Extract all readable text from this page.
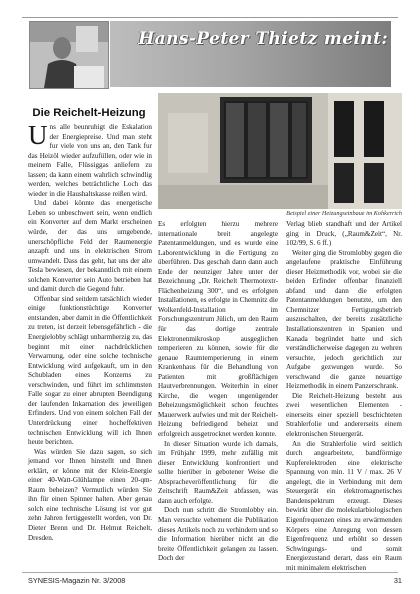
Hans-Peter Thietz meint:
Die Reichelt-Heizung

Uns alle beunruhigt die Eskalation der Energiepreise. Und man steht fur viele von uns an, den Tank fur das Heizöl wieder aufzufüllen, oder wie in meinem Falle, Flüssiggas anliefern zu lassen; da kann einem wahrlich schwindlig werden, welches beträchtliche Loch das wieder in die Haushaltskasse reißen wird.

Und dabei könnte das energetische Leben so unbeschwert sein, wenn endlich ein Konverter auf dem Markt erscheinen würde, der das uns umgebende, unerschöpfliche Feld der Raumenergie anzapft und uns in elektrischen Strom umwandelt. Dass das geht, hat uns der alte Tesla bewiesen, der bekanntlich mit einem solchen Konverter sein Auto betrieben hat und damit durch die Gegend fuhr.

Offenbar sind seitdem tatsächlich wieder einige funktionstüchtige Konverter entstanden, aber damit in die Öffentlichkeit zu treten, ist derzeit lebensgefährlich - die Energielobby schlägt unbarmherzig zu, das beginnt mit einer nachdrücklichen Verwarnung, oder eine solche technische Entwicklung wird aufgekauft, um in den Schubladen eines Konzerns zu verschwinden, und führt im schlimmsten Falle sogar zu einer abrupten Beendigung der laufenden Inkarnation des jeweiligen Erfinders. Und von einem solchen Fall der Unterdrückung einer hocheffektiven technischen Entwicklung will ich Ihnen heute berichten.

Was würden Sie dazu sagen, so sich jemand vor Ihnen hinstellt und Ihnen erklärt, er könne mit der Klein-Energie einer 40-Watt-Glühlampe einen 20-qm-Raum beheizen? Vermutlich würden Sie ihn für einen Spinner halten. Aber genau solch eine technische Lösung ist vor gut zehn Jahren fertiggestellt worden, von Dr. Dieter Brenn und Dr. Helmut Reichelt, Dresden.

Beispiel einer Heizungseinbaue im Kohkerrich

Es erfolgten hierzu mehrere internationale breit angelegte Patentanmeldungen, und es wurde eine Laborentwicklung in die Fertigung zu überführen. Das geschah dann dann auch Ende der neunziger Jahre unter der Bezeichnung „Dr. Reichelt Thermotextr-Flächenheizung 300“, und es erfolgten Installationen, es erfolgte in Chemnitz die Wolkenfeld-Installation im Forschungszentrum Jülich, um den Raum für das dortige zentrale Elektronenmikroskop ausgeglichen temperieren zu können, sowie für die genaue Raumtemperierung in einem Krankenhaus für die Behandlung von Patienten mit großflächigen Hautverbrennungen. Weiterhin in einer Kirche, die wegen ungenügender Beheizungsmöglichkeit schon feuchtes Mauerwerk aufwies und mit der Reichelt-Heizung befriedigend beheizt und erfolgreich ausgetrocknet werden konnte.

In dieser Situation wurde ich damals, im Frühjahr 1999, mehr zufällig mit dieser Entwicklung konfrontiert und sollte hierüber in gebotener Weise die Abspracheveröffentlichung für die Zeitschrift Raum&Zeit abfassen, was dann auch erfolgte.

Doch nun schritt die Stromlobby ein. Man versuchte vehement die Publikation dieses Artikels noch zu verhindern und so die Information hierüber nicht an die breite Öffentlichkeit gelangen zu lassen. Doch der

Verlag blieb standhaft und der Artikel ging in Druck, („Raum&Zeit“, Nr. 102/99, S. 6 ff.)

Weiter ging die Stromlobby gegen die angelaufene praktische Einführung dieser Heizmethodik vor, wobei sie die beiden Erfinder offenbar finanziell abfand und dann die erfolgten Patentanmeldungen benutzte, um den Chemnitzer Fertigungsbetrieb auszuschalten, der bereits zusätzliche Installationszentren in Spanien und Kanada begründet hatte und sich verständlicherweise dagegen zu wehren versuchte, jedoch gerichtlich zur Aufgabe gezwungen wurde. So verschwand die ganze neuartige Heizmethodik in einem Panzerschrank.

Die Reichelt-Heizung besteht aus zwei wesentlichen Elementen - einerseits einer speziell beschichteten Strahlerfolie und andererseits einem elektronischen Steuergerät.

An die Strahlerfolie wird seitlich durch angearbeitete, bandförmige Kupferelektroden eine elektrische Spannung von min. 11 V / max. 26 V angelegt, die in Verbindung mit dem Steuergerät ein elektromagnetisches Bandenspektrum erzeugt. Dieses bewirkt über die molekularbiologischen Eigenfrequenzen eines zu erwärmenden Körpers eine Anregung von dessen Eigenfrequenz und erhöht so dessen Schwingungs- und somit Energiezustand derart, dass ein Raum mit minimalem elektrischen

SYNESIS-Magazin Nr. 3/2008	31
